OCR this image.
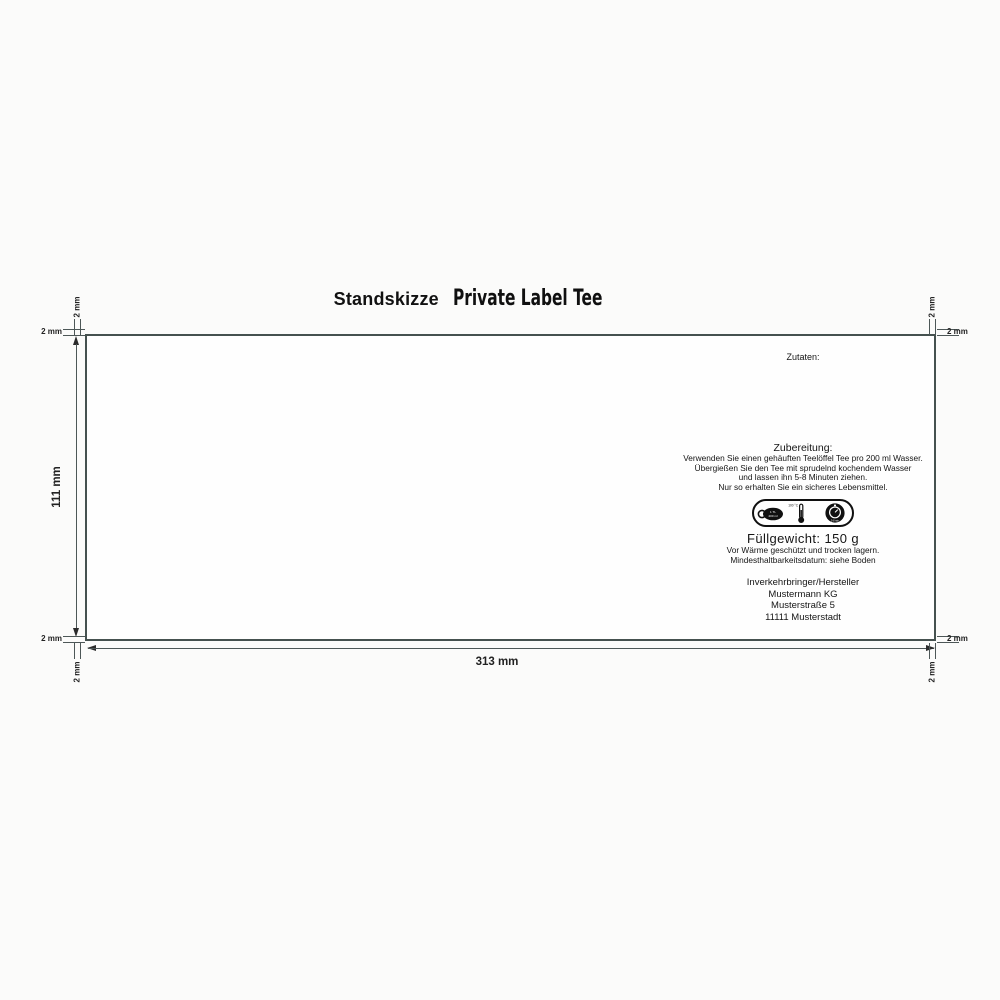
Standskizze Private Label Tee
Zutaten:
Zubereitung:
Verwenden Sie einen gehäuften Teelöffel Tee pro 200 ml Wasser.
Übergießen Sie den Tee mit sprudelnd kochendem Wasser
und lassen ihn 5-8 Minuten ziehen.
Nur so erhalten Sie ein sicheres Lebensmittel.
1 TL
200 ml
100 °C
5-8 min
Füllgewicht: 150 g
Vor Wärme geschützt und trocken lagern.
Mindesthaltbarkeitsdatum: siehe Boden
Inverkehrbringer/Hersteller
Mustermann KG
Musterstraße 5
11111 Musterstadt
111 mm
313 mm
2 mm
2 mm
2 mm
2 mm
2 mm
2 mm
2 mm
2 mm
